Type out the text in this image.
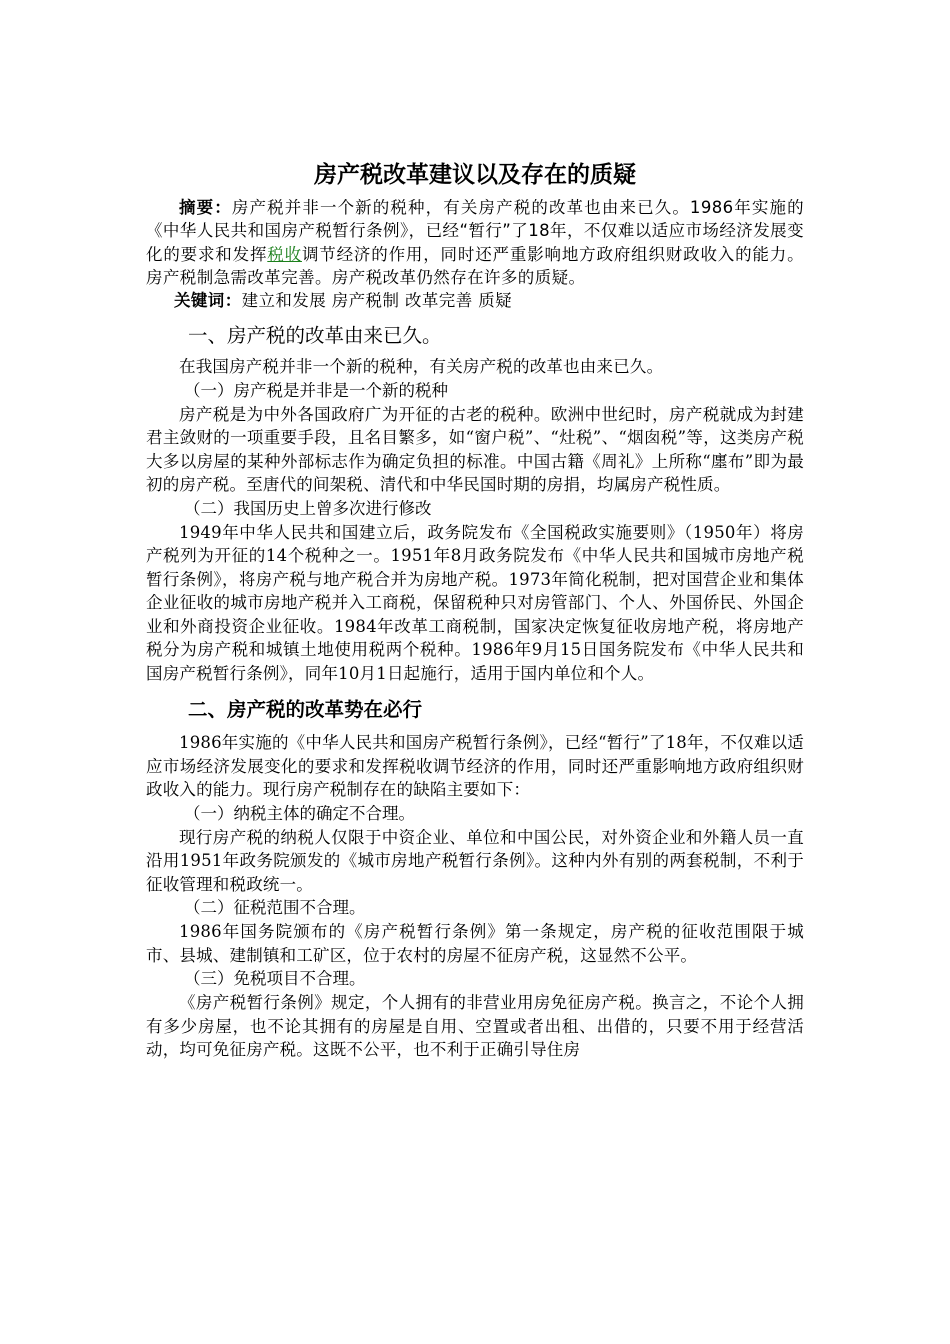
房产税改革建议以及存在的质疑

摘要：房产税并非一个新的税种，有关房产税的改革也由来已久。1986年实施的《中华人民共和国房产税暂行条例》，已经“暂行”了18年，不仅难以适应市场经济发展变化的要求和发挥税收调节经济的作用，同时还严重影响地方政府组织财政收入的能力。房产税制急需改革完善。房产税改革仍然存在许多的质疑。

关键词：建立和发展 房产税制 改革完善 质疑

一、房产税的改革由来已久。

在我国房产税并非一个新的税种，有关房产税的改革也由来已久。

（一）房产税是并非是一个新的税种

房产税是为中外各国政府广为开征的古老的税种。欧洲中世纪时，房产税就成为封建君主敛财的一项重要手段，且名目繁多，如“窗户税”、“灶税”、“烟囱税”等，这类房产税大多以房屋的某种外部标志作为确定负担的标准。中国古籍《周礼》上所称“廛布”即为最初的房产税。至唐代的间架税、清代和中华民国时期的房捐，均属房产税性质。

（二）我国历史上曾多次进行修改

1949年中华人民共和国建立后，政务院发布《全国税政实施要则》（1950年）将房产税列为开征的14个税种之一。1951年8月政务院发布《中华人民共和国城市房地产税暂行条例》，将房产税与地产税合并为房地产税。1973年简化税制，把对国营企业和集体企业征收的城市房地产税并入工商税，保留税种只对房管部门、个人、外国侨民、外国企业和外商投资企业征收。1984年改革工商税制，国家决定恢复征收房地产税，将房地产税分为房产税和城镇土地使用税两个税种。1986年9月15日国务院发布《中华人民共和国房产税暂行条例》，同年10月1日起施行，适用于国内单位和个人。

二、房产税的改革势在必行

1986年实施的《中华人民共和国房产税暂行条例》，已经“暂行”了18年，不仅难以适应市场经济发展变化的要求和发挥税收调节经济的作用，同时还严重影响地方政府组织财政收入的能力。现行房产税制存在的缺陷主要如下：

（一）纳税主体的确定不合理。

现行房产税的纳税人仅限于中资企业、单位和中国公民，对外资企业和外籍人员一直沿用1951年政务院颁发的《城市房地产税暂行条例》。这种内外有别的两套税制，不利于征收管理和税政统一。

（二）征税范围不合理。

1986年国务院颁布的《房产税暂行条例》第一条规定，房产税的征收范围限于城市、县城、建制镇和工矿区，位于农村的房屋不征房产税，这显然不公平。

（三）免税项目不合理。

《房产税暂行条例》规定，个人拥有的非营业用房免征房产税。换言之，不论个人拥有多少房屋，也不论其拥有的房屋是自用、空置或者出租、出借的，只要不用于经营活动，均可免征房产税。这既不公平，也不利于正确引导住房
